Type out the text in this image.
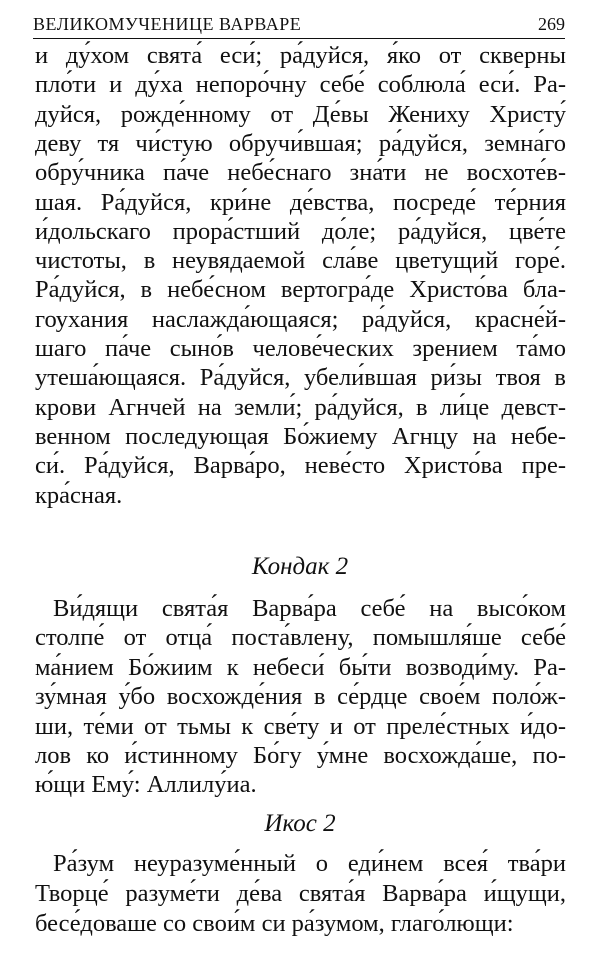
ВЕЛИКОМУЧЕНИЦЕ ВАРВАРЕ	269
и ду́хом свята́ еси́; ра́дуйся, я́ко от скверны
пло́ти и ду́ха непоро́чну себе́ соблюла́ еси́. Ра-
дуйся, рожде́нному от Де́вы Жениху Христу́
деву тя чи́стую обручи́вшая; ра́дуйся, земна́го
обру́чника па́че небе́снаго зна́ти не восхоте́в-
шая. Ра́дуйся, кри́не де́вства, посреде́ те́рния
и́дольскаго прора́стший до́ле; ра́дуйся, цве́те
чистоты, в неувядаемой сла́ве цветущий горе́.
Ра́дуйся, в небе́сном вертогра́де Христо́ва бла-
гоухания наслажда́ющаяся; ра́дуйся, красне́й-
шаго па́че сыно́в челове́ческих зрением та́мо
утеша́ющаяся. Ра́дуйся, убели́вшая ри́зы твоя в
крови Агнчей на земли́; ра́дуйся, в ли́це девст-
венном последующая Бо́жиему Агнцу на небе-
си́. Ра́дуйся, Варва́ро, неве́сто Христо́ва пре-
кра́сная.
Кондак 2
Ви́дящи свята́я Варва́ра себе́ на высо́ком
столпе́ от отца́ поста́влену, помышля́ше себе́
ма́нием Бо́жиим к небеси́ бы́ти возводи́му. Ра-
зу́мная у́бо восхожде́ния в се́рдце свое́м поло́ж-
ши, те́ми от тьмы к све́ту и от преле́стных и́до-
лов ко и́стинному Бо́гу у́мне восхожда́ше, по-
ю́щи Ему́: Аллилу́иа.
Икос 2
Ра́зум неуразуме́нный о еди́нем всея́ тва́ри
Творце́ разуме́ти де́ва свята́я Варва́ра и́щущи,
бесе́доваше со свои́м си ра́зумом, глаго́лющи:
